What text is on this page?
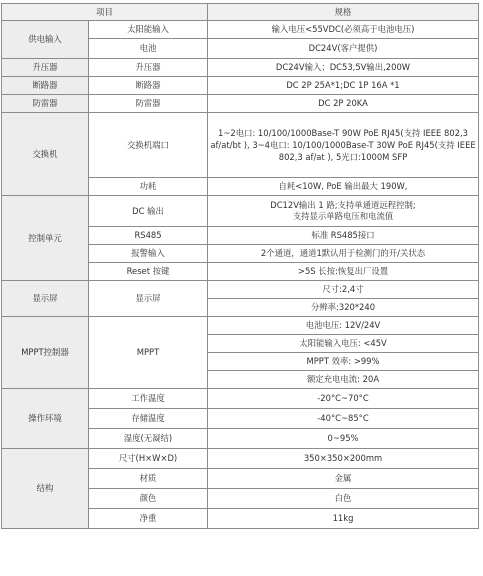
项目		规格
供电输入	太阳能输入	输入电压<55VDC(必须高于电池电压)
	电池	DC24V(客户提供)
升压器	升压器	DC24V输入；DC53,5V输出,200W
断路器	断路器	DC 2P 25A*1;DC 1P 16A *1
防雷器	防雷器	DC 2P 20KA
交换机	交换机端口	1~2电口: 10/100/1000Base-T 90W PoE RJ45(支持 IEEE 802,3 af/at/bt ), 3~4电口: 10/100/1000Base-T 30W PoE RJ45(支持 IEEE 802,3 af/at ), 5光口:1000M SFP
	功耗	自耗<10W, PoE 输出最大 190W,
控制单元	DC 输出	DC12V输出 1 路;支持单通道远程控制;
支持显示单路电压和电流值

	RS485	标准 RS485接口
	报警输入	2个通道，通道1默认用于检测门的开/关状态
	Reset 按键	>5S 长按:恢复出厂设置
显示屏	显示屏	尺寸:2,4寸
		分辨率:320*240
MPPT控制器	MPPT	电池电压: 12V/24V
		太阳能输入电压: <45V
		MPPT 效率: >99%
		额定充电电流: 20A
操作环境	工作温度	-20°C~70°C
	存储温度	-40°C~85°C
	湿度(无凝结)	0~95%
结构	尺寸(H×W×D)	350×350×200mm
	材质	金属
	颜色	白色
	净重	11kg
